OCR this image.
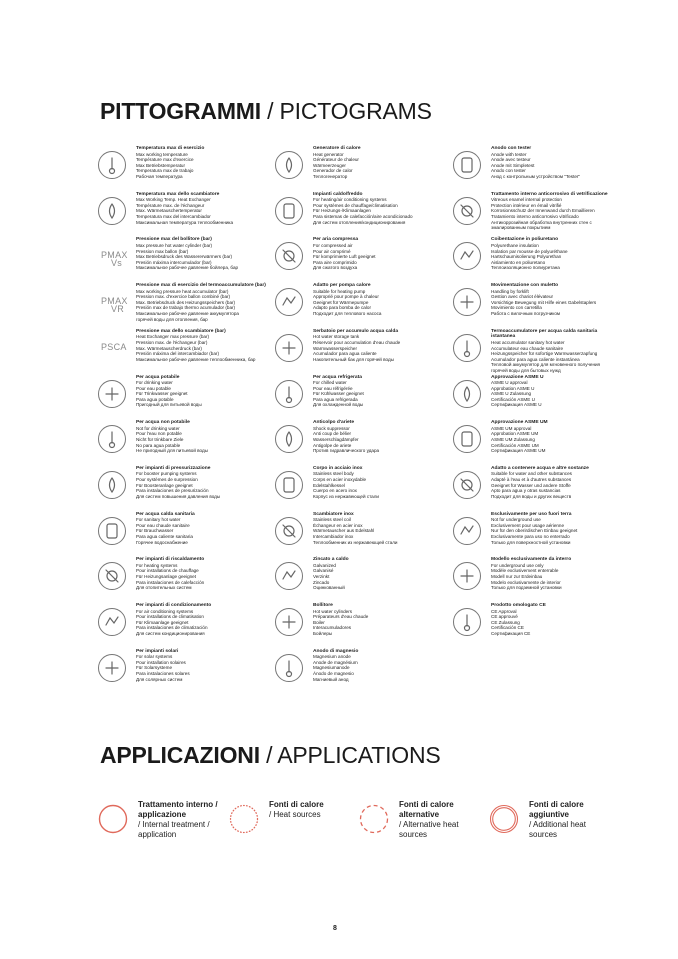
PITTOGRAMMI / PICTOGRAMS
Temperatura max di esercizio
Max working temperature
Température max d'exercice
Max Betriebstemperatur
Temperatura max de trabajo
Рабочая температура
Temperatura max dello scambiatore
Max Working Temp. Heat Exchanger
Température max. de l'échangeur
Max. Wärmetauschertemperatur
Temperatura max del intercambiador
Максимальная температура теплообменника
PMAX
Vs
Pressione max del bollitore (bar)
Max pressure hot water cylinder (bar)
Pression max ballon (bar)
Max Betriebsdruck des Wassererwärmers (bar)
Presión máxima intercumulador (bar)
Максимальное рабочее давление бойлера, бар
PMAX
VR
Pressione max di esercizio del termoaccumulatore (bar)
Max working pressure heat accumulator (bar)
Pression max. d'exercice ballon combiné (bar)
Max. Betriebsdruck des Heizungsspeichers (bar)
Presión max de trabajo thermo acumulador (bar)
Максимальное рабочее давление аккумулятора
горячей воды для отопления, бар
PSCA
Pressione max dello scambiatore (bar)
Heat Exchanger max pressure (bar)
Pression max. de l'échangeur (bar)
Max. Wärmetauscherdruck (bar)
Presión máxima del intercambiador (bar)
Максимальное рабочее давление теплообменника, бар
Per acqua potabile
For drinking water
Pour eau potable
Für Trinkwasser geeignet
Para agua potable
Пригодный для питьевой воды
Per acqua non potabile
Not for drinking water
Pour l'eau non potable
Nicht für trinkbare Ziele
No para agua potable
Не пригодный для питьевой воды
Per impianti di pressurizzazione
For booster pumping systems
Pour systèmes de surpression
Für Boosteranlage geeignet
Para instalaciones de presurización
Для систем повышения давления воды
Per acqua calda sanitaria
For sanitary hot water
Pour eau chaude sanitaire
Für Brauchwasser
Para agua caliente sanitaria
Горячее водоснабжение
Per impianti di riscaldamento
For heating systems
Pour installations de chauffage
Für Heizungsanlage geeignet
Para instalaciones de calefacción
Для отопительных систем
Per impianti di condizionamento
For air conditioning systems
Pour installations de climatisation
Für Klimaanlage geeignet
Para instalaciones de climatización
Для систем кондиционирования
Per impianti solari
For solar systems
Pour installation solaires
Für Solarsysteme
Para instalaciones solares
Для солярных систем
Generatore di calore
Heat generator
Générateur de chaleur
Wärmeerzeuger
Generador de calor
Теплогенератор
Impianti caldo/freddo
For heating/air conditioning systems
Pour systèmes de chauffage/climatisation
Für Heizungs-/Klimaanlagen
Para sistemas de calefacción/aire acondicionado
Для систем отопления/кондиционирования
Per aria compressa
For compressed air
Pour air comprimé
Für komprimierte Luft geeignet
Para aire comprimido
Для сжатого воздуха
Adatto per pompa calore
Suitable for heating pump
Approprié pour pompe à chaleur
Geeignet für Wärmepumpe
Adapto para bomba de calor
Подходит для теплового насоса
Serbatoio per accumulo acqua calda
Hot water storage tank
Réservoir pour accumulation d'eau chaude
Warmwasserspeicher
Acumulador para agua caliente
Накопительный бак для горячей воды
Per acqua refrigerata
For chilled water
Pour eau réfrigérée
Für Kühlwasser geeignet
Para agua refrigerada
Для охлажденной воды
Anticolpo d'ariete
Shock suppressor
Anti coup de bélier
Wasserschlagdämpfer
Antigolpe de ariete
Против гидравлического удара
Corpo in acciaio inox
Stainless steel body
Corps en acier inoxydable
Edelstahlkessel
Cuerpo en acero inox
Корпус из нержавеющей стали
Scambiatore inox
Stainless steel coil
Échangeur en acier inox
Wärmetauscher aus Edelstahl
Intercambiador inox
Теплообменник из нержавеющей стали
Zincato a caldo
Galvanized
Galvanisé
Verzinkt
Zincado
Оцинкованный
Bollitore
Hot water cylinders
Préparateurs d'eau chaude
Boiler
Interacumuladores
Бойлеры
Anodo di magnesio
Magnesium anode
Anode de magnésium
Magnesiumanode
Ánodo de magnesio
Магниевый анод
Anodo con tester
Anode with tester
Anode avec testeur
Anode mit Simpletest
Anodo con tester
Анод с контрольным устройством "Tester"
Trattamento interno anticorrosivo di vetrificazione
Vitreous enamel internal protection
Protection intérieur en émail vitrifié
Korrosionsschutz der Innenwand durch Emaillieren
Tratamiento interno anticorrosivo vitrificado
Антикоррозийная обработка внутренних стен с
эмалированным покрытием
Coibentazione in poliuretano
Polyurethane insulation
Isolation par mousse de polyuréthane
Hartschaumisolierung Polyurethan
Aislamiento en poliuretano
Теплоизоляционно полиуретана
Movimentazione con muletto
Handling by forklift
Gestion avec chariot élévateur
Vorsichtige Bewegung mit Hilfe eines Gabelstaplers
Movimiento con carretilla
Работа с вилочным погрузчиком
Termoaccumulatore per acqua calda sanitaria istantanea
Heat accumulator sanitary hot water
Accumulateur eau chaude sanitaire
Heizungsspeicher für sofortige Warmwasserzapfung
Acumulador para agua caliente instantánea
Тепловой аккумулятор для мгновенного получения
горячей воды для бытовых нужд
Approvazione ASME U
ASME U approval
Approbation ASME U
ASME U Zulassung
Certificación ASME U
Сертификация ASME U
Approvazione ASME UM
ASME UM approval
Approbation ASME UM
ASME UM Zulassung
Certificación ASME UM
Сертификация ASME UM
Adatto a contenere acqua e altre sostanze
Suitable for water and other substances
Adapté à l'eau et à d'autres substances
Geeignet für Wasser und andere Stoffe
Apto para agua y otras sustancias
Подходит для воды и других веществ
Esclusivamente per uso fuori terra
Not for underground use
Exclusivement pour usage aérienne
Nur für den oberirdischen Einbau geeignet
Exclusivamente para uso no enterrado
Только для поверхностной установки
Modello esclusivamente da interro
For underground use only
Modèle exclusivement enterrable
Modell nur zur Erdeinbau
Modelo exclusivamente de interior
Только для подземной установки
Prodotto omologato CE
CE Approval
CE approuvé
CE Zulassung
Certificación CE
Сертификация CE
APPLICAZIONI / APPLICATIONS
Trattamento interno / applicazione
/ Internal treatment / application
Fonti di calore
/ Heat sources
Fonti di calore alternative
/ Alternative heat sources
Fonti di calore aggiuntive
/ Additional heat sources
8
